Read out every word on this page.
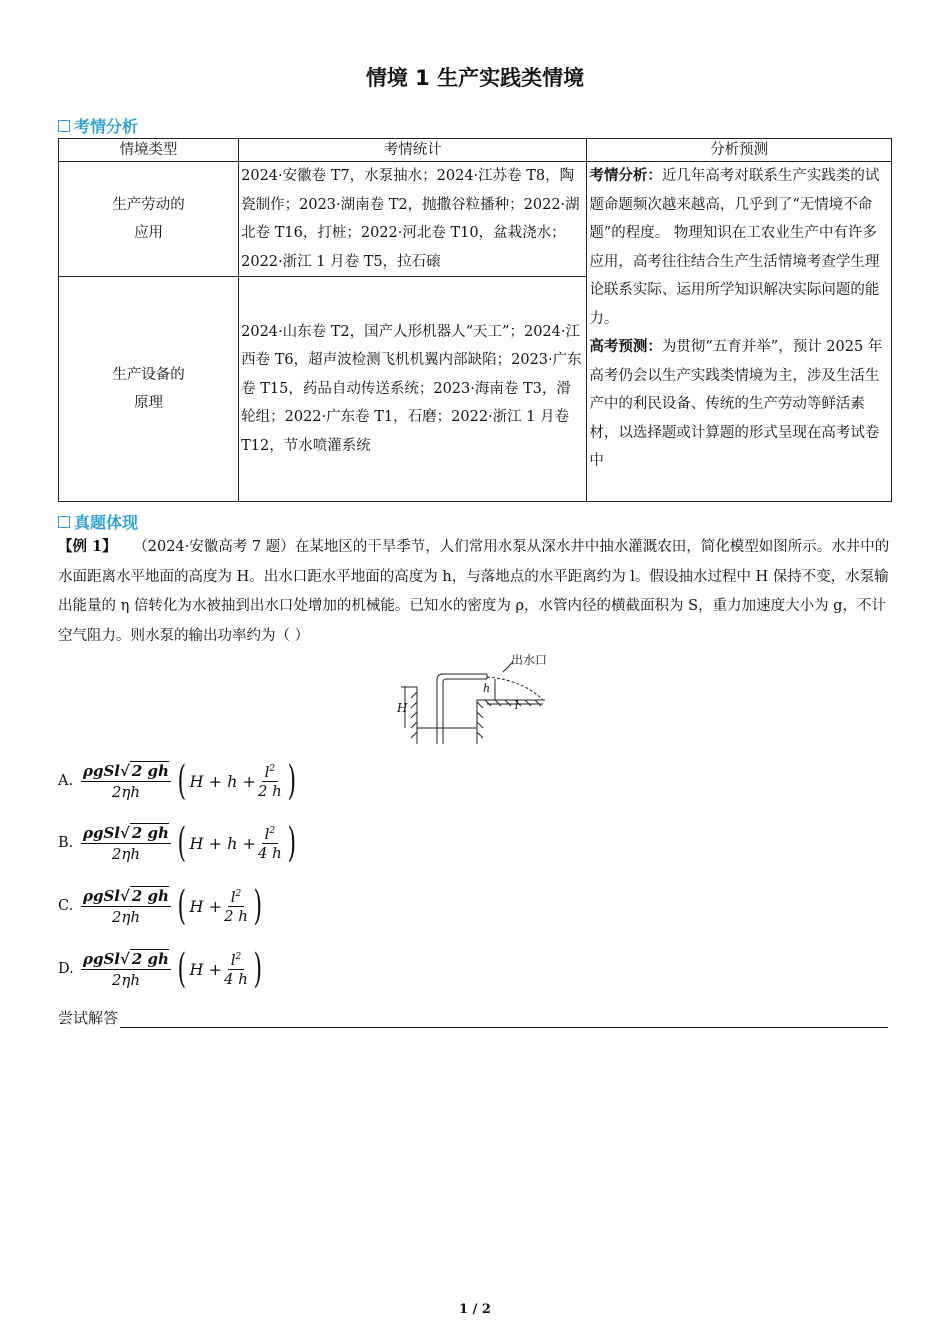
情境 1 生产实践类情境
考情分析
情境类型	考情统计	分析预测

生产劳动的应用	2024·安徽卷 T7，水泵抽水；2024·江苏卷 T8，陶瓷制作；2023·湖南卷 T2，抛撒谷粒播种；2022·湖北卷 T16，打桩；2022·河北卷 T10，盆栽浇水；2022·浙江 1 月卷 T5，拉石磙	考情分析：近几年高考对联系生产实践类的试题命题频次越来越高，几乎到了“无情境不命题”的程度。 物理知识在工农业生产中有许多应用，高考往往结合生产生活情境考查学生理论联系实际、运用所学知识解决实际问题的能力。
高考预测：为贯彻“五育并举”，预计 2025 年高考仍会以生产实践类情境为主，涉及生活生产中的利民设备、传统的生产劳动等鲜活素材，以选择题或计算题的形式呈现在高考试卷中

生产设备的原理	2024·山东卷 T2，国产人形机器人“天工”；2024·江西卷 T6，超声波检测飞机机翼内部缺陷；2023·广东卷 T15，药品自动传送系统；2023·海南卷 T3，滑轮组；2022·广东卷 T1，石磨；2022·浙江 1 月卷 T12，节水喷灌系统	
真题体现
【例 1】 （2024·安徽高考 7 题）在某地区的干旱季节，人们常用水泵从深水井中抽水灌溉农田，简化模型如图所示。水井中的水面距离水平地面的高度为 H。出水口距水平地面的高度为 h，与落地点的水平距离约为 l。假设抽水过程中 H 保持不变，水泵输出能量的 η 倍转化为水被抽到出水口处增加的机械能。已知水的密度为 ρ，水管内径的横截面积为 S，重力加速度大小为 g，不计空气阻力。则水泵的输出功率约为（ ）
出水口
H
h
l
A. $\frac{\text{ρgSl√ 2 gh}}{2\eta h}$ ( $H + h + \frac{l^2}{2 h}$ )
B. $\frac{\text{ρgSl√ 2 gh}}{2\eta h}$ ( $H + h + \frac{l^2}{4 h}$ )
C. $\frac{\text{ρgSl√ 2 gh}}{2\eta h}$ ( $H + \frac{l^2}{2 h}$ )
D. $\frac{\text{ρgSl√ 2 gh}}{2\eta h}$ ( $H + \frac{l^2}{4 h}$ )
尝试解答
1 / 2
